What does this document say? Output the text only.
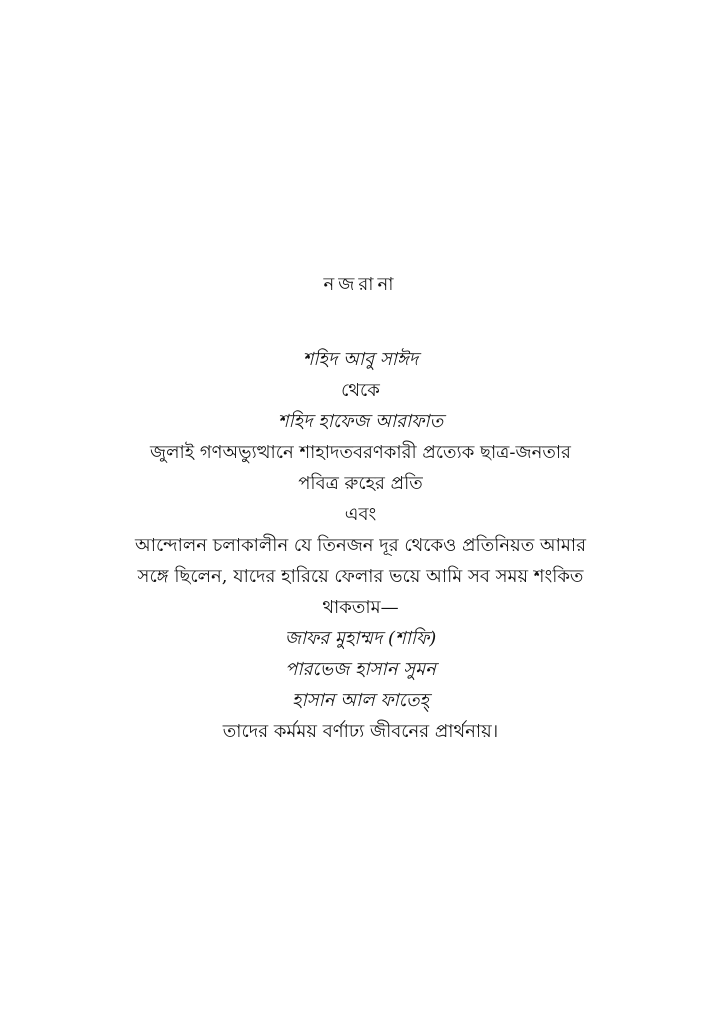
নজরানা
শহিদ আবু সাঈদ
থেকে
শহিদ হাফেজ আরাফাত
জুলাই গণঅভ্যুত্থানে শাহাদতবরণকারী প্রত্যেক ছাত্র-জনতার
পবিত্র রুহের প্রতি
এবং
আন্দোলন চলাকালীন যে তিনজন দূর থেকেও প্রতিনিয়ত আমার
সঙ্গে ছিলেন, যাদের হারিয়ে ফেলার ভয়ে আমি সব সময় শংকিত
থাকতাম—
জাফর মুহাম্মদ (শাফি)
পারভেজ হাসান সুমন
হাসান আল ফাতেহ্
তাদের কর্মময় বর্ণাঢ্য জীবনের প্রার্থনায়।
